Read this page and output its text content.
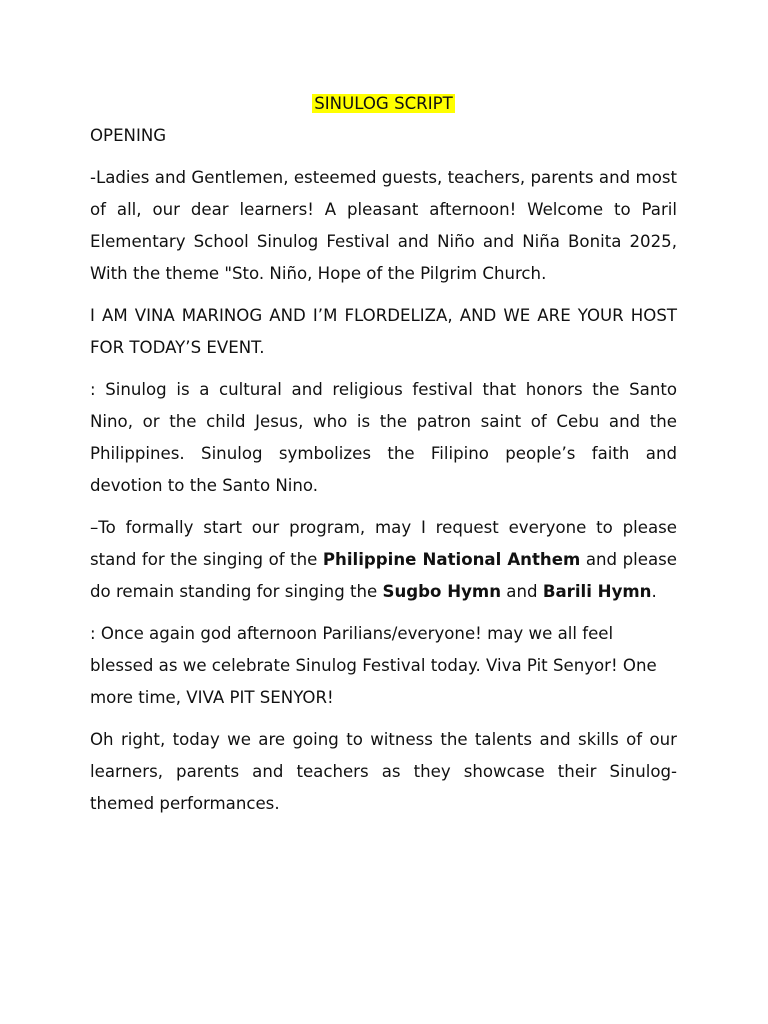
SINULOG SCRIPT
OPENING

-Ladies and Gentlemen, esteemed guests, teachers, parents and most of all, our dear learners! A pleasant afternoon! Welcome to Paril Elementary School Sinulog Festival and Niño and Niña Bonita 2025, With the theme "Sto. Niño, Hope of the Pilgrim Church.

I AM VINA MARINOG AND I’M FLORDELIZA, AND WE ARE YOUR HOST FOR TODAY’S EVENT.

: Sinulog is a cultural and religious festival that honors the Santo Nino, or the child Jesus, who is the patron saint of Cebu and the Philippines. Sinulog symbolizes the Filipino people’s faith and devotion to the Santo Nino.

–To formally start our program, may I request everyone to please stand for the singing of the Philippine National Anthem and please do remain standing for singing the Sugbo Hymn and Barili Hymn.

: Once again god afternoon Parilians/everyone! may we all feel blessed as we celebrate Sinulog Festival today. Viva Pit Senyor! One more time, VIVA PIT SENYOR!

Oh right, today we are going to witness the talents and skills of our learners, parents and teachers as they showcase their Sinulog-themed performances.
